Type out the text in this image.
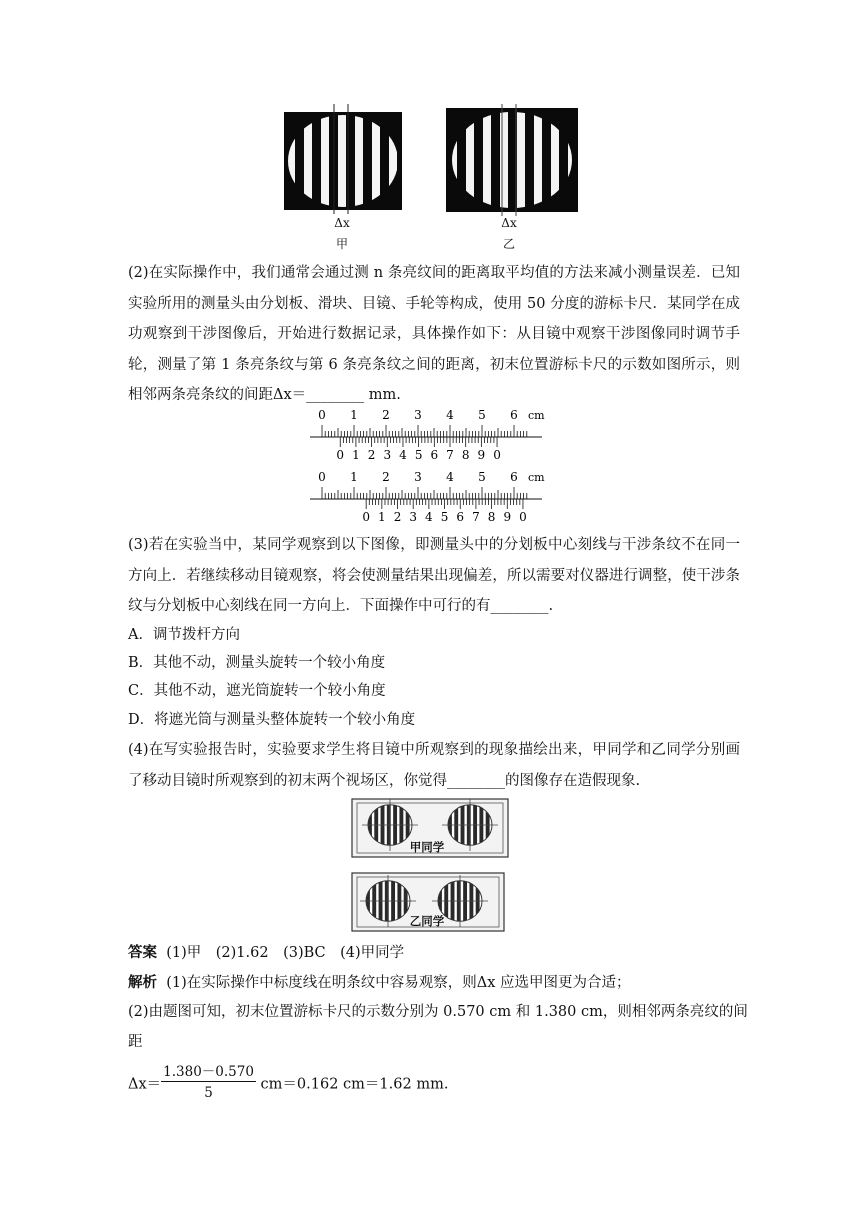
Δx
甲
Δx
乙
(2)在实际操作中，我们通常会通过测 n 条亮纹间的距离取平均值的方法来减小测量误差．已知实验所用的测量头由分划板、滑块、目镜、手轮等构成，使用 50 分度的游标卡尺．某同学在成功观察到干涉图像后，开始进行数据记录，具体操作如下：从目镜中观察干涉图像同时调节手轮，测量了第 1 条亮条纹与第 6 条亮条纹之间的距离，初末位置游标卡尺的示数如图所示，则相邻两条亮条纹的间距Δx＝________ mm.
0 1 2 3 4 5 6 cm
0 1 2 3 4 5 6 7 8 9 0
0 1 2 3 4 5 6 cm
0 1 2 3 4 5 6 7 8 9 0
(3)若在实验当中，某同学观察到以下图像，即测量头中的分划板中心刻线与干涉条纹不在同一方向上．若继续移动目镜观察，将会使测量结果出现偏差，所以需要对仪器进行调整，使干涉条纹与分划板中心刻线在同一方向上．下面操作中可行的有________.
A．调节拨杆方向
B．其他不动，测量头旋转一个较小角度
C．其他不动，遮光筒旋转一个较小角度
D．将遮光筒与测量头整体旋转一个较小角度
(4)在写实验报告时，实验要求学生将目镜中所观察到的现象描绘出来，甲同学和乙同学分别画了移动目镜时所观察到的初末两个视场区，你觉得________的图像存在造假现象.
甲同学
乙同学
答案 (1)甲　(2)1.62　(3)BC　(4)甲同学
解析 (1)在实际操作中标度线在明条纹中容易观察，则Δx 应选甲图更为合适；
(2)由题图可知，初末位置游标卡尺的示数分别为 0.570 cm 和 1.380 cm，则相邻两条亮纹的间
距
$\Delta x= \frac{1.380-0.570}{5} cm=0.162$ cm＝1.62 mm.
